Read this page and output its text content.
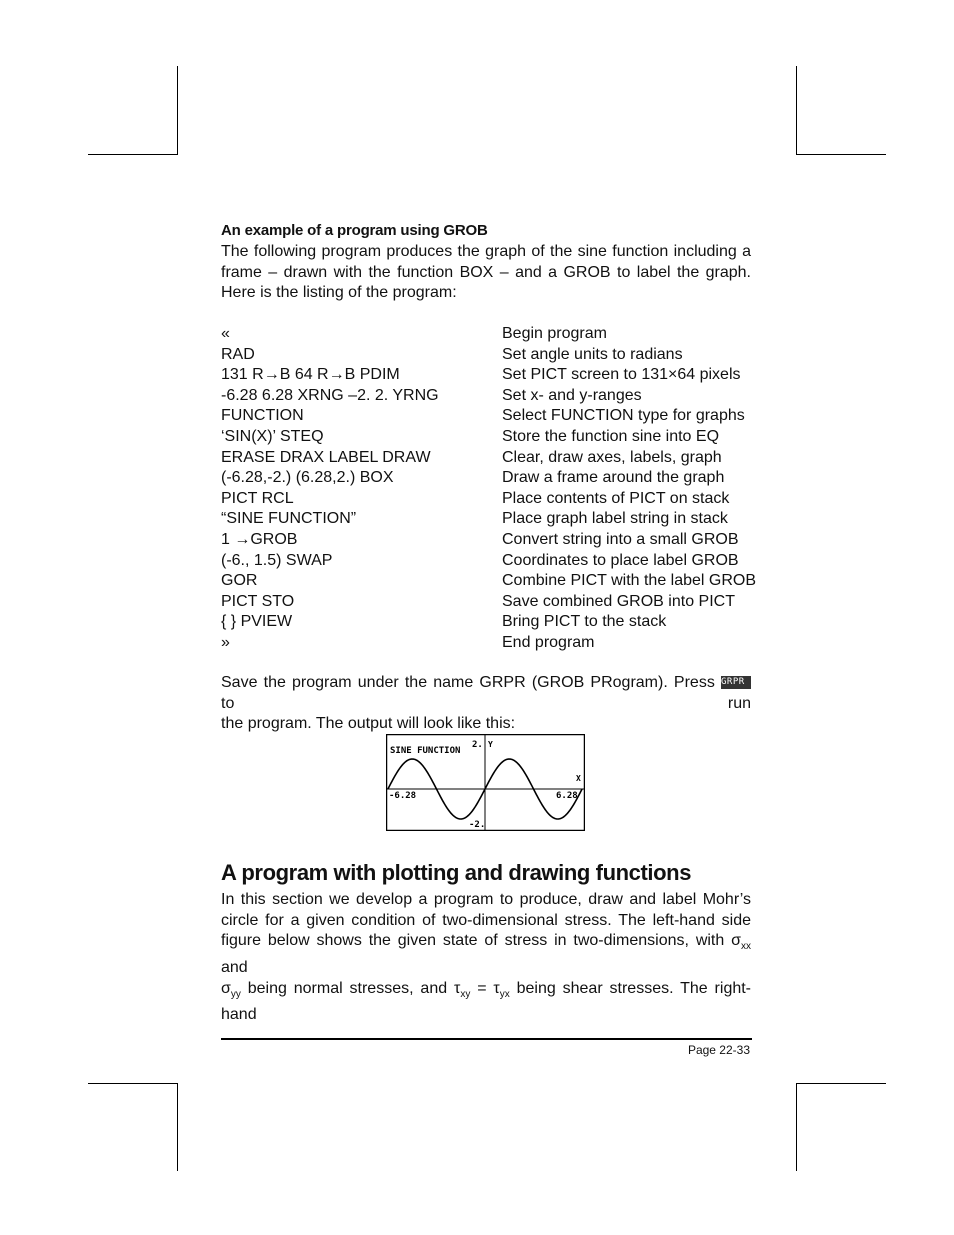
An example of a program using GROB
The following program produces the graph of the sine function including a
frame – drawn with the function BOX – and a GROB to label the graph.
Here is the listing of the program:
«
RAD
131 R→B 64 R→B PDIM
-6.28 6.28 XRNG –2. 2. YRNG
FUNCTION
‘SIN(X)’ STEQ
ERASE DRAX LABEL DRAW
(-6.28,-2.) (6.28,2.) BOX
PICT RCL
“SINE FUNCTION”
1 →GROB
(-6., 1.5) SWAP
GOR
PICT STO
{ } PVIEW
»
Begin program
Set angle units to radians
Set PICT screen to 131×64 pixels
Set x- and y-ranges
Select FUNCTION type for graphs
Store the function sine into EQ
Clear, draw axes, labels, graph
Draw a frame around the graph
Place contents of PICT on stack
Place graph label string in stack
Convert string into a small GROB
Coordinates to place label GROB
Combine PICT with the label GROB
Save combined GROB into PICT
Bring PICT to the stack
End program
Save the program under the name GRPR (GROB PRogram). Press GRPR to run
the program. The output will look like this:
SINE FUNCTION
2. Y
-2.
-6.28	6.28
X
A program with plotting and drawing functions
In this section we develop a program to produce, draw and label Mohr’s
circle for a given condition of two-dimensional stress. The left-hand side
figure below shows the given state of stress in two-dimensions, with $\sigma_{xx}$ and
$\sigma_{yy}$ being normal stresses, and $\tau_{xy} = \tau_{yx}$ being shear stresses. The right-hand
Page 22-33
